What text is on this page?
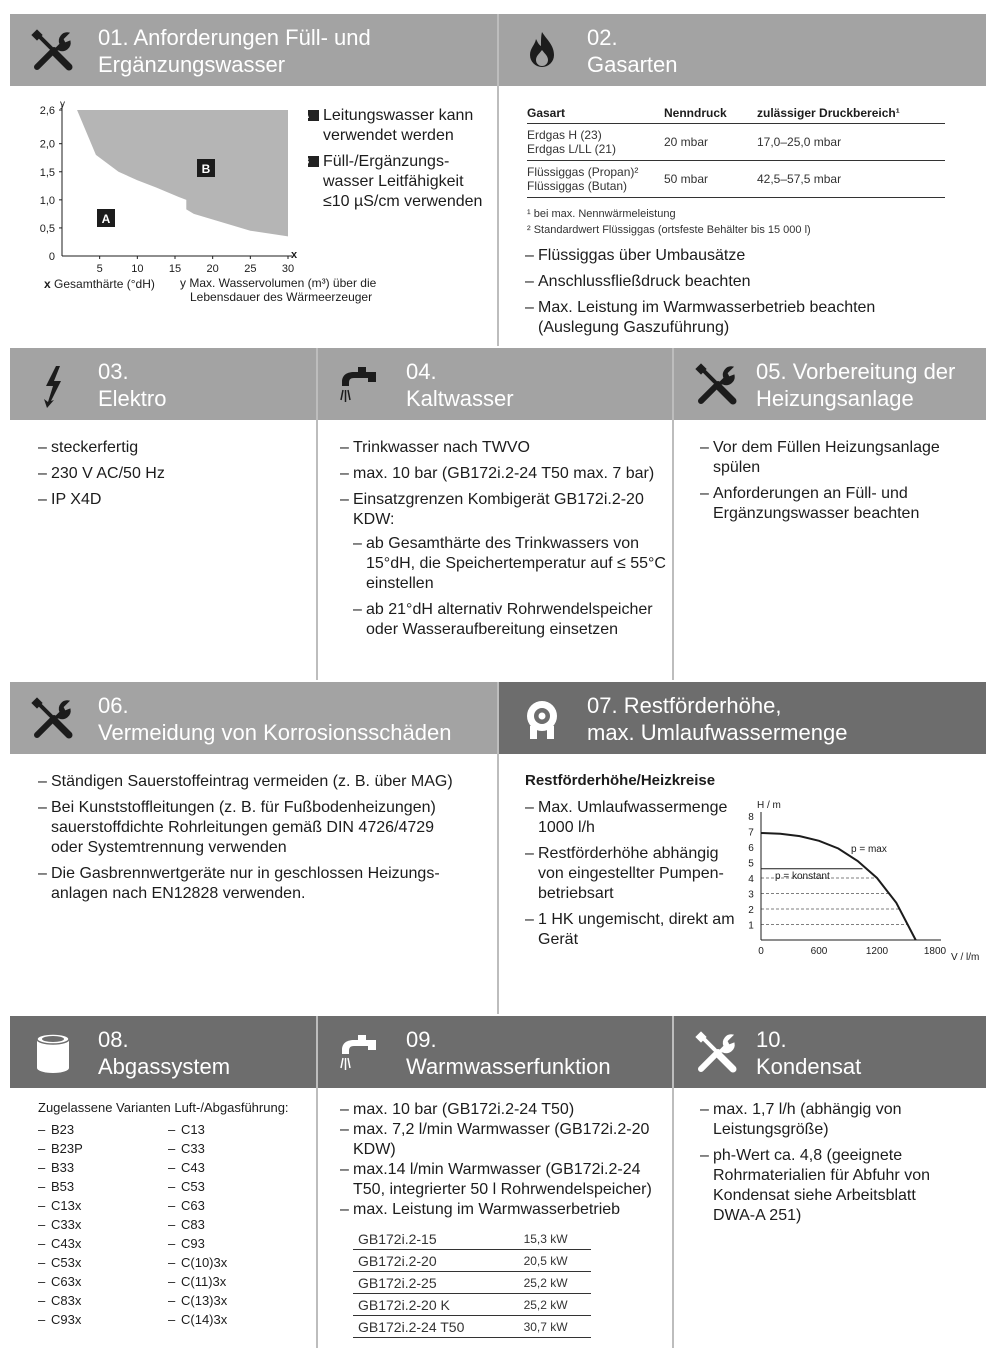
01. Anforderungen Füll- und
Ergänzungswasser
0
0,5
1,0
1,5
2,0
2,6
5	10 15 20 25 30
y
x
A
B
x Gesamthärte (°dH)	y Max. Wasservolumen (m³) über die Lebensdauer des Wärmeerzeuger
A Leitungswasser kann verwendet werden
B Füll-/Ergänzungs-wasser Leitfähigkeit ≤10 µS/cm verwenden
02.
Gasarten
Gasart	Nenndruck	zulässiger Druckbereich¹

Erdgas H (23)
Erdgas L/LL (21)	20 mbar	17,0–25,0 mbar

Flüssiggas (Propan)²
Flüssiggas (Butan)	50 mbar	42,5–57,5 mbar
¹ bei max. Nennwärmeleistung
² Standardwert Flüssiggas (ortsfeste Behälter bis 15 000 l)
– Flüssiggas über Umbausätze
– Anschlussfließdruck beachten
– Max. Leistung im Warmwasserbetrieb beachten (Auslegung Gaszuführung)
03.
Elektro
– steckerfertig
– 230 V AC/50 Hz
– IP X4D
04.
Kaltwasser
– Trinkwasser nach TWVO
– max. 10 bar (GB172i.2-24 T50 max. 7 bar)
– Einsatzgrenzen Kombigerät GB172i.2-20 KDW:
– ab Gesamthärte des Trinkwassers von 15°dH, die Speichertemperatur auf ≤ 55°C einstellen
– ab 21°dH alternativ Rohrwendelspeicher oder Wasseraufbereitung einsetzen
05. Vorbereitung der
Heizungsanlage
– Vor dem Füllen Heizungsanlage spülen
– Anforderungen an Füll- und Ergänzungswasser beachten
06.
Vermeidung von Korrosionsschäden
– Ständigen Sauerstoffeintrag vermeiden (z. B. über MAG)
– Bei Kunststoffleitungen (z. B. für Fußbodenheizungen) sauerstoffdichte Rohrleitungen gemäß DIN 4726/4729 oder Systemtrennung verwenden
– Die Gasbrennwertgeräte nur in geschlossen Heizungs-anlagen nach EN12828 verwenden.
07. Restförderhöhe,
max. Umlaufwassermenge
Restförderhöhe/Heizkreise
– Max. Umlaufwassermenge 1000 l/h
– Restförderhöhe abhängig von eingestellter Pumpen-betriebsart
– 1 HK ungemischt, direkt am Gerät
H / m
1
2
3
4
5
6
7
8
0	600	1200	1800
V / l/m
p = max
p = konstant
08.
Abgassystem
Zugelassene Varianten Luft-/Abgasführung:
– B23
– B23P
– B33
– B53
– C13x
– C33x
– C43x
– C53x
– C63x
– C83x
– C93x
– C13
– C33
– C43
– C53
– C63
– C83
– C93
– C(10)3x
– C(11)3x
– C(13)3x
– C(14)3x
09.
Warmwasserfunktion
– max. 10 bar (GB172i.2-24 T50)
– max. 7,2 l/min Warmwasser (GB172i.2-20 KDW)
– max.14 l/min Warmwasser (GB172i.2-24 T50, integrierter 50 l Rohrwendelspeicher)
– max. Leistung im Warmwasserbetrieb
GB172i.2-15	15,3 kW
GB172i.2-20	20,5 kW
GB172i.2-25	25,2 kW
GB172i.2-20 K	25,2 kW
GB172i.2-24 T50	30,7 kW
10.
Kondensat
– max. 1,7 l/h (abhängig von Leistungsgröße)
– ph-Wert ca. 4,8 (geeignete Rohrmaterialien für Abfuhr von Kondensat siehe Arbeitsblatt DWA-A 251)
